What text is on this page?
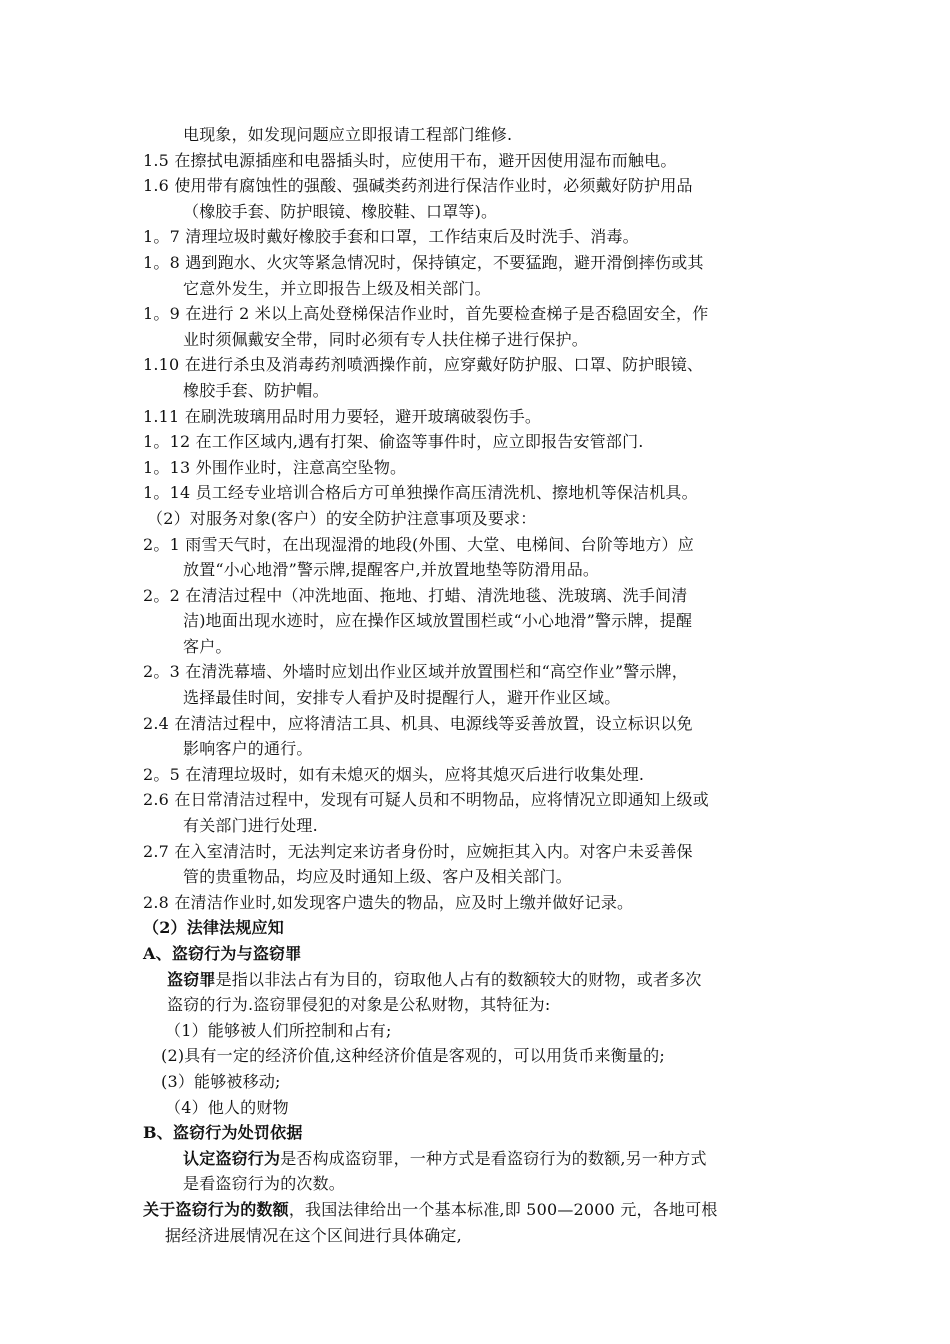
电现象，如发现问题应立即报请工程部门维修.
1.5 在擦拭电源插座和电器插头时，应使用干布，避开因使用湿布而触电。
1.6 使用带有腐蚀性的强酸、强碱类药剂进行保洁作业时，必须戴好防护用品
（橡胶手套、防护眼镜、橡胶鞋、口罩等)。
1。7 清理垃圾时戴好橡胶手套和口罩，工作结束后及时洗手、消毒。
1。8 遇到跑水、火灾等紧急情况时，保持镇定，不要猛跑，避开滑倒摔伤或其
它意外发生，并立即报告上级及相关部门。
1。9 在进行 2 米以上高处登梯保洁作业时，首先要检查梯子是否稳固安全，作
业时须佩戴安全带，同时必须有专人扶住梯子进行保护。
1.10 在进行杀虫及消毒药剂喷洒操作前，应穿戴好防护服、口罩、防护眼镜、
橡胶手套、防护帽。
1.11 在刷洗玻璃用品时用力要轻，避开玻璃破裂伤手。
1。12 在工作区域内,遇有打架、偷盗等事件时，应立即报告安管部门.
1。13 外围作业时，注意高空坠物。
1。14 员工经专业培训合格后方可单独操作高压清洗机、擦地机等保洁机具。
（2）对服务对象(客户）的安全防护注意事项及要求：
2。1 雨雪天气时，在出现湿滑的地段(外围、大堂、电梯间、台阶等地方）应
放置“小心地滑”警示牌,提醒客户,并放置地垫等防滑用品。
2。2 在清洁过程中（冲洗地面、拖地、打蜡、清洗地毯、洗玻璃、洗手间清
洁)地面出现水迹时，应在操作区域放置围栏或“小心地滑”警示牌，提醒
客户。
2。3 在清洗幕墙、外墙时应划出作业区域并放置围栏和“高空作业”警示牌，
选择最佳时间，安排专人看护及时提醒行人，避开作业区域。
2.4 在清洁过程中，应将清洁工具、机具、电源线等妥善放置，设立标识以免
影响客户的通行。
2。5 在清理垃圾时，如有未熄灭的烟头，应将其熄灭后进行收集处理.
2.6 在日常清洁过程中，发现有可疑人员和不明物品，应将情况立即通知上级或
有关部门进行处理.
2.7 在入室清洁时，无法判定来访者身份时，应婉拒其入内。对客户未妥善保
管的贵重物品，均应及时通知上级、客户及相关部门。
2.8 在清洁作业时,如发现客户遗失的物品，应及时上缴并做好记录。
（2）法律法规应知
A、盗窃行为与盗窃罪
盗窃罪是指以非法占有为目的，窃取他人占有的数额较大的财物，或者多次
盗窃的行为.盗窃罪侵犯的对象是公私财物，其特征为:
（1）能够被人们所控制和占有;
(2)具有一定的经济价值,这种经济价值是客观的，可以用货币来衡量的;
(3）能够被移动;
（4）他人的财物
B、盗窃行为处罚依据
认定盗窃行为是否构成盗窃罪，一种方式是看盗窃行为的数额,另一种方式
是看盗窃行为的次数。
关于盗窃行为的数额，我国法律给出一个基本标准,即 500—2000 元，各地可根
据经济进展情况在这个区间进行具体确定,
